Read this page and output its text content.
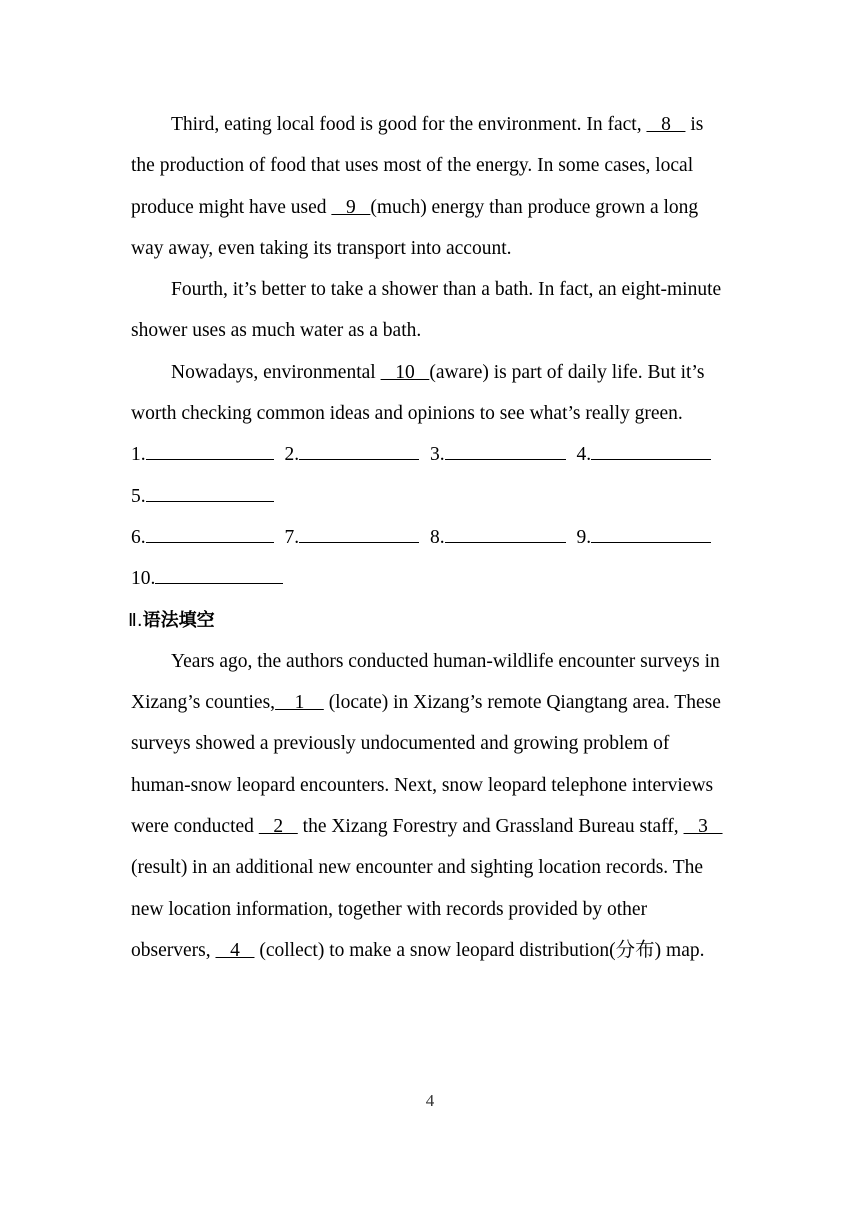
Third, eating local food is good for the environment. In fact,    8    is the production of food that uses most of the energy. In some cases, local produce might have used    9   (much) energy than produce grown a long way away, even taking its transport into account.

Fourth, it’s better to take a shower than a bath. In fact, an eight-minute shower uses as much water as a bath.

Nowadays, environmental    10   (aware) is part of daily life. But it’s worth checking common ideas and opinions to see what’s really green.

1.	2.	3.	4.

5.

6.	7.	8.	9.

10.

Ⅱ.语法填空

Years ago, the authors conducted human-wildlife encounter surveys in Xizang’s counties,    1     (locate) in Xizang’s remote Qiangtang area. These surveys showed a previously undocumented and growing problem of human-snow leopard encounters. Next, snow leopard telephone interviews were conducted    2    the Xizang Forestry and Grassland Bureau staff,    3    (result) in an additional new encounter and sighting location records. The new location information, together with records provided by other observers,    4    (collect) to make a snow leopard distribution(分布) map.

4
